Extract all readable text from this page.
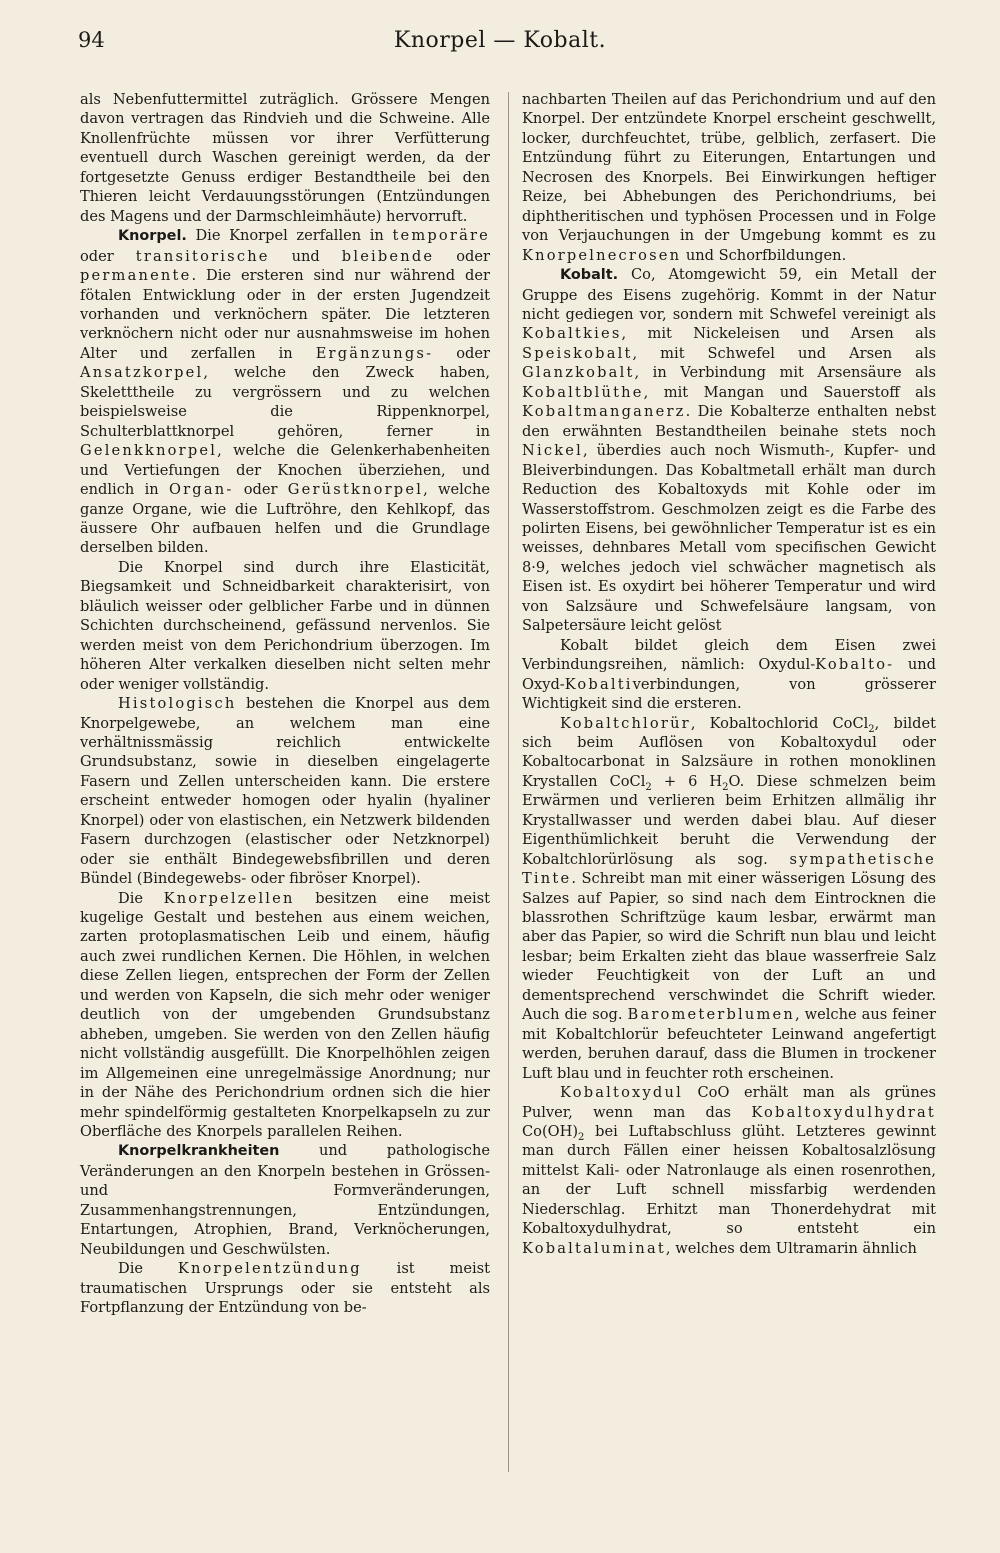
94	Knorpel — Kobalt.

als Nebenfuttermittel zuträglich. Grössere Mengen davon vertragen das Rindvieh und die Schweine. Alle Knollenfrüchte müssen vor ihrer Verfütterung eventuell durch Waschen gereinigt werden, da der fortgesetzte Genuss erdiger Bestandtheile bei den Thieren leicht Verdauungsstörungen (Entzündungen des Magens und der Darmschleimhäute) hervorruft.

Knorpel. Die Knorpel zerfallen in temporäre oder transitorische und bleibende oder permanente. Die ersteren sind nur während der fötalen Entwicklung oder in der ersten Jugendzeit vorhanden und verknöchern später. Die letzteren verknöchern nicht oder nur ausnahmsweise im hohen Alter und zerfallen in Ergänzungs- oder Ansatzkorpel, welche den Zweck haben, Skeletttheile zu vergrössern und zu welchen beispielsweise die Rippenknorpel, Schulterblattknorpel gehören, ferner in Gelenkknorpel, welche die Gelenkerhabenheiten und Vertiefungen der Knochen überziehen, und endlich in Organ- oder Gerüstknorpel, welche ganze Organe, wie die Luftröhre, den Kehlkopf, das äussere Ohr aufbauen helfen und die Grundlage derselben bilden.

Die Knorpel sind durch ihre Elasticität, Biegsamkeit und Schneidbarkeit charakterisirt, von bläulich weisser oder gelblicher Farbe und in dünnen Schichten durchscheinend, gefässund nervenlos. Sie werden meist von dem Perichondrium überzogen. Im höheren Alter verkalken dieselben nicht selten mehr oder weniger vollständig.

Histologisch bestehen die Knorpel aus dem Knorpelgewebe, an welchem man eine verhältnissmässig reichlich entwickelte Grundsubstanz, sowie in dieselben eingelagerte Fasern und Zellen unterscheiden kann. Die erstere erscheint entweder homogen oder hyalin (hyaliner Knorpel) oder von elastischen, ein Netzwerk bildenden Fasern durchzogen (elastischer oder Netzknorpel) oder sie enthält Bindegewebsfibrillen und deren Bündel (Bindegewebs- oder fibröser Knorpel).

Die Knorpelzellen besitzen eine meist kugelige Gestalt und bestehen aus einem weichen, zarten protoplasmatischen Leib und einem, häufig auch zwei rundlichen Kernen. Die Höhlen, in welchen diese Zellen liegen, entsprechen der Form der Zellen und werden von Kapseln, die sich mehr oder weniger deutlich von der umgebenden Grundsubstanz abheben, umgeben. Sie werden von den Zellen häufig nicht vollständig ausgefüllt. Die Knorpelhöhlen zeigen im Allgemeinen eine unregelmässige Anordnung; nur in der Nähe des Perichondrium ordnen sich die hier mehr spindelförmig gestalteten Knorpelkapseln zu zur Oberfläche des Knorpels parallelen Reihen.

Knorpelkrankheiten und pathologische Veränderungen an den Knorpeln bestehen in Grössen- und Formveränderungen, Zusammenhangstrennungen, Entzündungen, Entartungen, Atrophien, Brand, Verknöcherungen, Neubildungen und Geschwülsten.

Die Knorpelentzündung ist meist traumatischen Ursprungs oder sie entsteht als Fortpflanzung der Entzündung von be-

nachbarten Theilen auf das Perichondrium und auf den Knorpel. Der entzündete Knorpel erscheint geschwellt, locker, durchfeuchtet, trübe, gelblich, zerfasert. Die Entzündung führt zu Eiterungen, Entartungen und Necrosen des Knorpels. Bei Einwirkungen heftiger Reize, bei Abhebungen des Perichondriums, bei diphtheritischen und typhösen Processen und in Folge von Verjauchungen in der Umgebung kommt es zu Knorpelnecrosen und Schorfbildungen.

Kobalt. Co, Atomgewicht 59, ein Metall der Gruppe des Eisens zugehörig. Kommt in der Natur nicht gediegen vor, sondern mit Schwefel vereinigt als Kobaltkies, mit Nickeleisen und Arsen als Speiskobalt, mit Schwefel und Arsen als Glanzkobalt, in Verbindung mit Arsensäure als Kobaltblüthe, mit Mangan und Sauerstoff als Kobaltmanganerz. Die Kobalterze enthalten nebst den erwähnten Bestandtheilen beinahe stets noch Nickel, überdies auch noch Wismuth-, Kupfer- und Bleiverbindungen. Das Kobaltmetall erhält man durch Reduction des Kobaltoxyds mit Kohle oder im Wasserstoffstrom. Geschmolzen zeigt es die Farbe des polirten Eisens, bei gewöhnlicher Temperatur ist es ein weisses, dehnbares Metall vom specifischen Gewicht 8·9, welches jedoch viel schwächer magnetisch als Eisen ist. Es oxydirt bei höherer Temperatur und wird von Salzsäure und Schwefelsäure langsam, von Salpetersäure leicht gelöst

Kobalt bildet gleich dem Eisen zwei Verbindungsreihen, nämlich: Oxydul-Kobalto- und Oxyd-Kobaltiverbindungen, von grösserer Wichtigkeit sind die ersteren.

Kobaltchlorür, Kobaltochlorid CoCl$_2$, bildet sich beim Auflösen von Kobaltoxydul oder Kobaltocarbonat in Salzsäure in rothen monoklinen Krystallen CoCl$_2$ + 6 $H_2O$. Diese schmelzen beim Erwärmen und verlieren beim Erhitzen allmälig ihr Krystallwasser und werden dabei blau. Auf dieser Eigenthümlichkeit beruht die Verwendung der Kobaltchlorürlösung als sog. sympathetische Tinte. Schreibt man mit einer wässerigen Lösung des Salzes auf Papier, so sind nach dem Eintrocknen die blassrothen Schriftzüge kaum lesbar, erwärmt man aber das Papier, so wird die Schrift nun blau und leicht lesbar; beim Erkalten zieht das blaue wasserfreie Salz wieder Feuchtigkeit von der Luft an und dementsprechend verschwindet die Schrift wieder. Auch die sog. Barometerblumen, welche aus feiner mit Kobaltchlorür befeuchteter Leinwand angefertigt werden, beruhen darauf, dass die Blumen in trockener Luft blau und in feuchter roth erscheinen.

Kobaltoxydul CoO erhält man als grünes Pulver, wenn man das Kobaltoxydulhydrat $Co(OH)_2$ bei Luftabschluss glüht. Letzteres gewinnt man durch Fällen einer heissen Kobaltosalzlösung mittelst Kali- oder Natronlauge als einen rosenrothen, an der Luft schnell missfarbig werdenden Niederschlag. Erhitzt man Thonerdehydrat mit Kobaltoxydulhydrat, so entsteht ein Kobaltaluminat, welches dem Ultramarin ähnlich
